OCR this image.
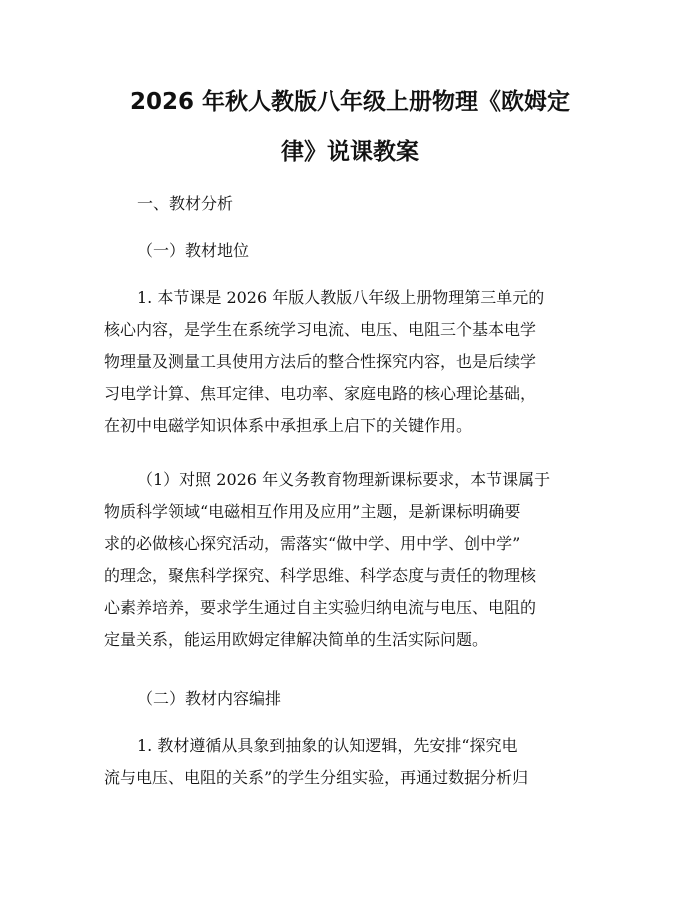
2026 年秋人教版八年级上册物理《欧姆定
律》说课教案
一、教材分析
（一）教材地位
1. 本节课是 2026 年版人教版八年级上册物理第三单元的
核心内容，是学生在系统学习电流、电压、电阻三个基本电学
物理量及测量工具使用方法后的整合性探究内容，也是后续学
习电学计算、焦耳定律、电功率、家庭电路的核心理论基础，
在初中电磁学知识体系中承担承上启下的关键作用。
（1）对照 2026 年义务教育物理新课标要求，本节课属于
物质科学领域“电磁相互作用及应用”主题，是新课标明确要
求的必做核心探究活动，需落实“做中学、用中学、创中学”
的理念，聚焦科学探究、科学思维、科学态度与责任的物理核
心素养培养，要求学生通过自主实验归纳电流与电压、电阻的
定量关系，能运用欧姆定律解决简单的生活实际问题。
（二）教材内容编排
1. 教材遵循从具象到抽象的认知逻辑，先安排“探究电
流与电压、电阻的关系”的学生分组实验，再通过数据分析归
